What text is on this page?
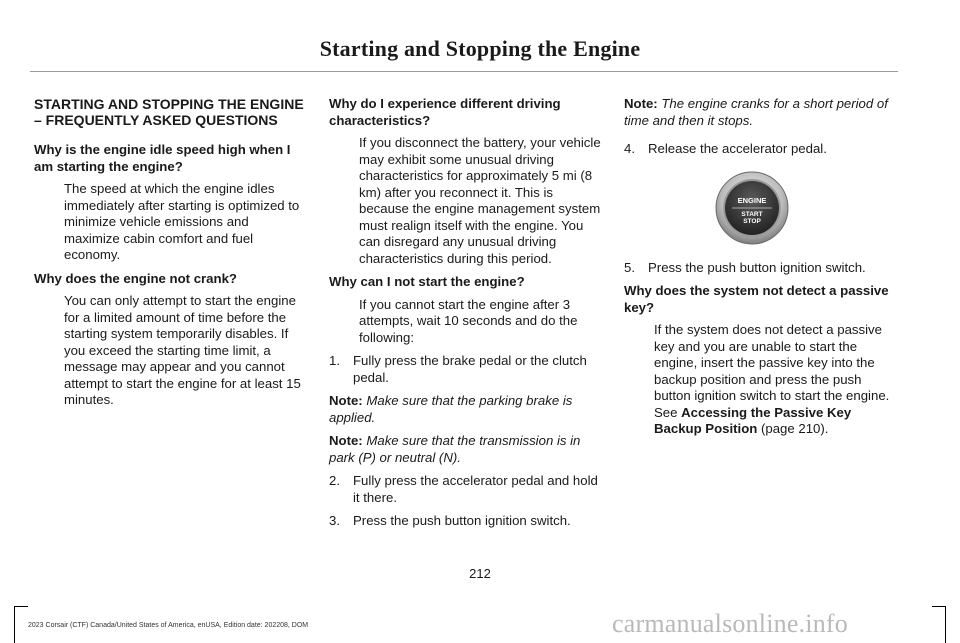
Starting and Stopping the Engine
STARTING AND STOPPING THE ENGINE – FREQUENTLY ASKED QUESTIONS
Why is the engine idle speed high when I am starting the engine?
The speed at which the engine idles immediately after starting is optimized to minimize vehicle emissions and maximize cabin comfort and fuel economy.
Why does the engine not crank?
You can only attempt to start the engine for a limited amount of time before the starting system temporarily disables. If you exceed the starting time limit, a message may appear and you cannot attempt to start the engine for at least 15 minutes.
Why do I experience different driving characteristics?
If you disconnect the battery, your vehicle may exhibit some unusual driving characteristics for approximately 5 mi (8 km) after you reconnect it. This is because the engine management system must realign itself with the engine. You can disregard any unusual driving characteristics during this period.
Why can I not start the engine?
If you cannot start the engine after 3 attempts, wait 10 seconds and do the following:
1. Fully press the brake pedal or the clutch pedal.
Note: Make sure that the parking brake is applied.
Note: Make sure that the transmission is in park (P) or neutral (N).
2. Fully press the accelerator pedal and hold it there.
3. Press the push button ignition switch.
Note: The engine cranks for a short period of time and then it stops.
4. Release the accelerator pedal.
ENGINE
START
STOP
5. Press the push button ignition switch.
Why does the system not detect a passive key?
If the system does not detect a passive key and you are unable to start the engine, insert the passive key into the backup position and press the push button ignition switch to start the engine. See Accessing the Passive Key Backup Position (page 210).
212
2023 Corsair (CTF) Canada/United States of America, enUSA, Edition date: 202208, DOM	carmanualsonline.info
